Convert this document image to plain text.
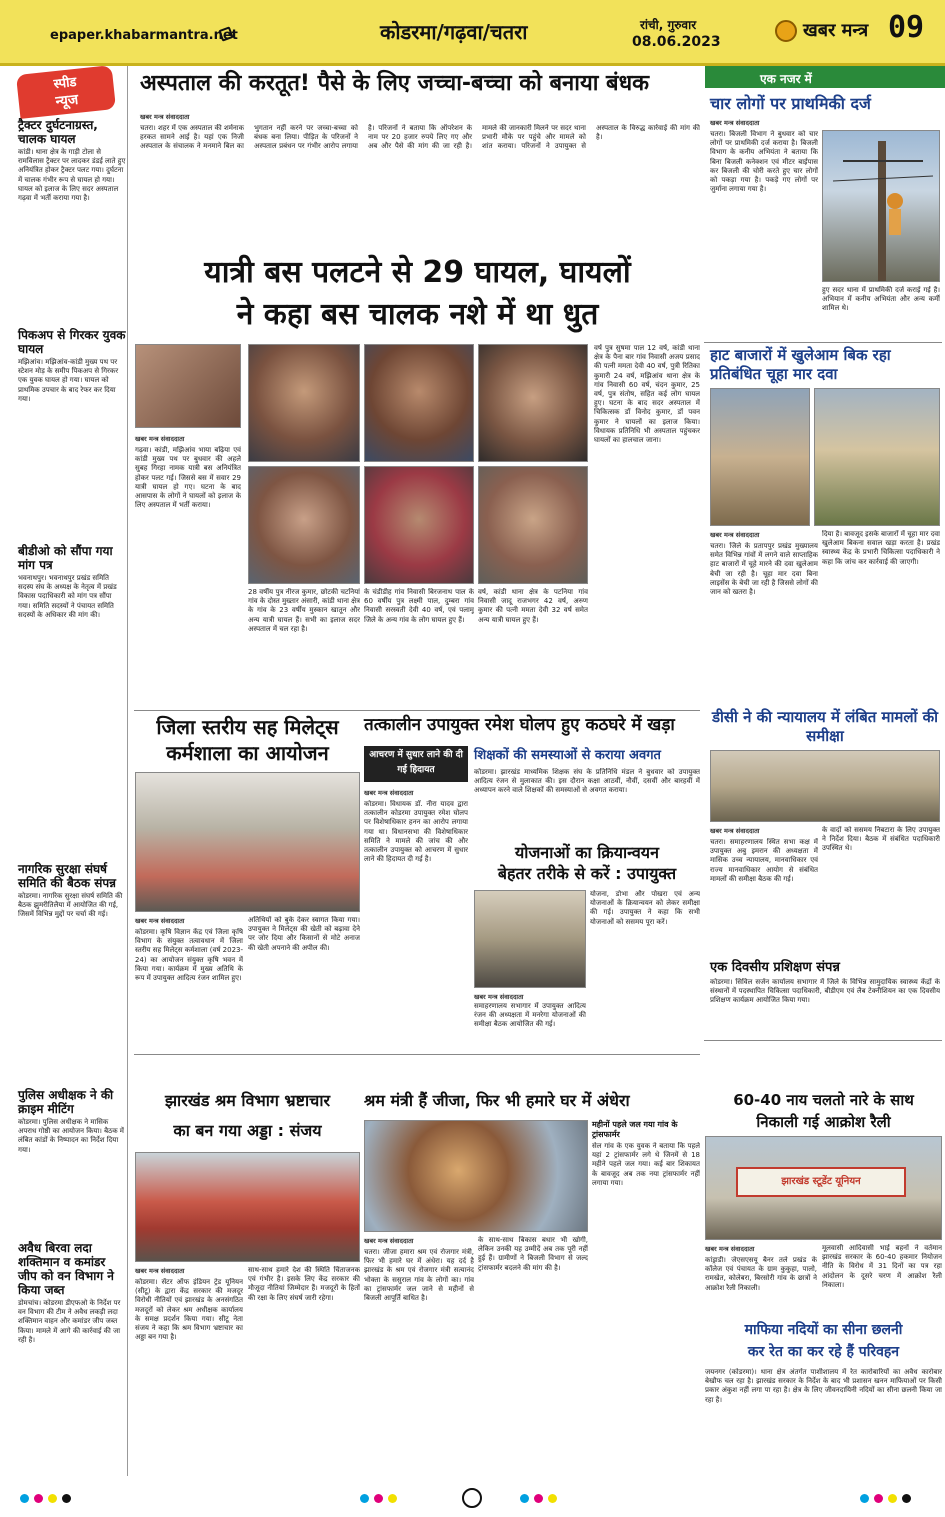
epaper.khabarmantra.net	कोडरमा/गढ़वा/चतरा	रांची, गुरुवार
08.06.2023
खबर मन्त्र 09
स्पीड
न्यूज
ट्रैक्टर दुर्घटनाग्रस्त, चालक घायल
कांडी। थाना क्षेत्र के गाड़ी टोला से रामविलास ट्रैक्टर पर लादकर डंडई लाते हुए अनियंत्रित होकर ट्रैक्टर पलट गया। दुर्घटना में चालक गंभीर रूप से घायल हो गया। घायल को इलाज के लिए सदर अस्पताल गढ़वा में भर्ती कराया गया है।
पिकअप से गिरकर युवक घायल
मझिआंव। मझिआंव-कांडी मुख्य पथ पर स्टेशन मोड़ के समीप पिकअप से गिरकर एक युवक घायल हो गया। घायल को प्राथमिक उपचार के बाद रेफर कर दिया गया।
बीडीओ को सौंपा गया मांग पत्र
भवनाथपुर। भवनाथपुर प्रखंड समिति सदस्य संघ के अध्यक्ष के नेतृत्व में प्रखंड विकास पदाधिकारी को मांग पत्र सौंपा गया। समिति सदस्यों ने पंचायत समिति सदस्यों के अधिकार की मांग की।
नागरिक सुरक्षा संघर्ष समिति की बैठक संपन्न
कोडरमा। नागरिक सुरक्षा संघर्ष समिति की बैठक झुमरीतिलैया में आयोजित की गई, जिसमें विभिन्न मुद्दों पर चर्चा की गई।
पुलिस अधीक्षक ने की क्राइम मीटिंग
कोडरमा। पुलिस अधीक्षक ने मासिक अपराध गोष्ठी का आयोजन किया। बैठक में लंबित कांडों के निष्पादन का निर्देश दिया गया।
अवैध बिरवा लदा शक्तिमान व कमांडर जीप को वन विभाग ने किया जब्त
डोमचांच। कोडरमा डीएफओ के निर्देश पर वन विभाग की टीम ने अवैध लकड़ी लदा शक्तिमान वाहन और कमांडर जीप जब्त किया। मामले में आगे की कार्रवाई की जा रही है।
अस्पताल की करतूत! पैसे के लिए जच्चा-बच्चा को बनाया बंधक
खबर मन्त्र संवाददाता
चतरा। शहर में एक अस्पताल की शर्मनाक हरकत सामने आई है। यहां एक निजी अस्पताल के संचालक ने मनमाने बिल का भुगतान नहीं करने पर जच्चा-बच्चा को बंधक बना लिया। पीड़ित के परिजनों ने अस्पताल प्रबंधन पर गंभीर आरोप लगाया है। परिजनों ने बताया कि ऑपरेशन के नाम पर 20 हजार रुपये लिए गए और अब और पैसे की मांग की जा रही है। मामले की जानकारी मिलने पर सदर थाना प्रभारी मौके पर पहुंचे और मामले को शांत कराया। परिजनों ने उपायुक्त से अस्पताल के विरुद्ध कार्रवाई की मांग की है।
एक नजर में
चार लोगों पर प्राथमिकी दर्ज
खबर मन्त्र संवाददाता
चतरा। बिजली विभाग ने बुधवार को चार लोगों पर प्राथमिकी दर्ज कराया है। बिजली विभाग के कनीय अभियंता ने बताया कि बिना बिजली कनेक्शन एवं मीटर बाईपास कर बिजली की चोरी करते हुए चार लोगों को पकड़ा गया है। पकड़े गए लोगों पर जुर्माना लगाया गया है।
हुए सदर थाना में प्राथमिकी दर्ज कराई गई है। अभियान में कनीय अभियंता और अन्य कर्मी शामिल थे।
यात्री बस पलटने से 29 घायल, घायलों
ने कहा बस चालक नशे में था धुत
खबर मन्त्र संवाददाता
गढ़वा। कांडी, मझिआंव भाया बढ़िया एवं कांडी मुख्य पथ पर बुधवार की अहले सुबह गिरहा नामक यात्री बस अनियंत्रित होकर पलट गई। जिससे बस में सवार 29 यात्री घायल हो गए। घटना के बाद आसपास के लोगों ने घायलों को इलाज के लिए अस्पताल में भर्ती कराया।
28 वर्षीय पुत्र नीरज कुमार, छोटकी चटनियां गांव के दोस्त मुख्तार अंसारी, कांडी थाना क्षेत्र के गांव के 23 वर्षीय मुस्कान खातून और अन्य यात्री घायल हैं। सभी का इलाज सदर अस्पताल में चल रहा है।
के चंडीडीह गांव निवासी बिरजनाथ पाल के 60 वर्षीय पुत्र लक्ष्मी पाल, दुम्बरा गांव निवासी सरस्वती देवी 40 वर्ष, एवं पलामू जिले के अन्य गांव के लोग घायल हुए हैं।
वर्ष, कांडी थाना क्षेत्र के पटनिया गांव निवासी जादू राजभगर 42 वर्ष, अरुण कुमार की पत्नी ममता देवी 32 वर्ष समेत अन्य यात्री घायल हुए हैं।
वर्ष पुत्र सुषमा पाल 12 वर्ष, कांडी थाना क्षेत्र के पैना बार गांव निवासी अजय प्रसाद की पत्नी ममता देवी 40 वर्ष, पुत्री रितिका कुमारी 24 वर्ष, मझिआंव थाना क्षेत्र के गांव निवासी 60 वर्ष, चंदन कुमार, 25 वर्ष, पुत्र संतोष, सहित कई लोग घायल हुए। घटना के बाद सदर अस्पताल में चिकित्सक डॉ विनोद कुमार, डॉ पवन कुमार ने घायलों का इलाज किया। विधायक प्रतिनिधि भी अस्पताल पहुंचकर घायलों का हालचाल जाना।
हाट बाजारों में खुलेआम बिक रहा प्रतिबंधित चूहा मार दवा
खबर मन्त्र संवाददाता
चतरा। जिले के प्रतापपुर प्रखंड मुख्यालय समेत विभिन्न गांवों में लगने वाले साप्ताहिक हाट बाजारों में चूहे मारने की दवा खुलेआम बेची जा रही है। चूहा मार दवा बिना लाइसेंस के बेची जा रही है जिससे लोगों की जान को खतरा है।
दिया है। बावजूद इसके बाजारों में चूहा मार दवा खुलेआम बिकना सवाल खड़ा करता है। प्रखंड स्वास्थ्य केंद्र के प्रभारी चिकित्सा पदाधिकारी ने कहा कि जांच कर कार्रवाई की जाएगी।
डीसी ने की न्यायालय में लंबित मामलों की समीक्षा
खबर मन्त्र संवाददाता
चतरा। समाहरणालय स्थित सभा कक्ष में उपायुक्त अबु इमरान की अध्यक्षता में मासिक उच्च न्यायालय, मानवाधिकार एवं राज्य मानवाधिकार आयोग से संबंधित मामलों की समीक्षा बैठक की गई।
के वादों को ससमय निबटारा के लिए उपायुक्त ने निर्देश दिया। बैठक में संबंधित पदाधिकारी उपस्थित थे।
एक दिवसीय प्रशिक्षण संपन्न
कोडरमा। सिविल सर्जन कार्यालय सभागार में जिले के विभिन्न सामुदायिक स्वास्थ्य केंद्रों के संस्थानों में पदस्थापित चिकित्सा पदाधिकारी, बीडीएम एवं लैब टेक्नीशियन का एक दिवसीय प्रशिक्षण कार्यक्रम आयोजित किया गया।
जिला स्तरीय सह मिलेट्स
कर्मशाला का आयोजन
खबर मन्त्र संवाददाता
कोडरमा। कृषि विज्ञान केंद्र एवं जिला कृषि विभाग के संयुक्त तत्वावधान में जिला स्तरीय सह मिलेट्स कर्मशाला (वर्ष 2023-24) का आयोजन संयुक्त कृषि भवन में किया गया। कार्यक्रम में मुख्य अतिथि के रूप में उपायुक्त आदित्य रंजन शामिल हुए।
अतिथियों को बुके देकर स्वागत किया गया। उपायुक्त ने मिलेट्स की खेती को बढ़ावा देने पर जोर दिया और किसानों से मोटे अनाज की खेती अपनाने की अपील की।
तत्कालीन उपायुक्त रमेश घोलप हुए कठघरे में खड़ा
आचरण में सुधार लाने की दी गई हिदायत
खबर मन्त्र संवाददाता
कोडरमा। विधायक डॉ. नीरा यादव द्वारा तत्कालीन कोडरमा उपायुक्त रमेश घोलप पर विशेषाधिकार हनन का आरोप लगाया गया था। विधानसभा की विशेषाधिकार समिति ने मामले की जांच की और तत्कालीन उपायुक्त को आचरण में सुधार लाने की हिदायत दी गई है।
शिक्षकों की समस्याओं से कराया अवगत
कोडरमा। झारखंड माध्यमिक शिक्षक संघ के प्रतिनिधि मंडल ने बुधवार को उपायुक्त आदित्य रंजन से मुलाकात की। इस दौरान कक्षा आठवीं, नौवीं, दसवीं और बारहवीं में अध्यापन करने वाले शिक्षकों की समस्याओं से अवगत कराया।
योजनाओं का क्रियान्वयन
बेहतर तरीके से करें : उपायुक्त
खबर मन्त्र संवाददाता
समाहरणालय सभागार में उपायुक्त आदित्य रंजन की अध्यक्षता में मनरेगा योजनाओं की समीक्षा बैठक आयोजित की गई।
योजना, डोभा और पोखरा एवं अन्य योजनाओं के क्रियान्वयन को लेकर समीक्षा की गई। उपायुक्त ने कहा कि सभी योजनाओं को ससमय पूरा करें।
झारखंड श्रम विभाग भ्रष्टाचार
का बन गया अड्डा : संजय
खबर मन्त्र संवाददाता
कोडरमा। सेंटर ऑफ इंडियन ट्रेड यूनियन (सीटू) के द्वारा केंद्र सरकार की मजदूर विरोधी नीतियों एवं झारखंड के अनसंगठित मजदूरों को लेकर श्रम अधीक्षक कार्यालय के समक्ष प्रदर्शन किया गया। सीटू नेता संजय ने कहा कि श्रम विभाग भ्रष्टाचार का अड्डा बन गया है।
साथ-साथ हमारे देश की स्थिति चिंताजनक एवं गंभीर है। इसके लिए केंद्र सरकार की मौजूदा नीतियां जिम्मेदार हैं। मजदूरों के हितों की रक्षा के लिए संघर्ष जारी रहेगा।
श्रम मंत्री हैं जीजा, फिर भी हमारे घर में अंधेरा
महीनों पहले जल गया गांव के ट्रांसफार्मर
सेल गांव के एक युवक ने बताया कि पहले यहां 2 ट्रांसफार्मर लगे थे जिनमें से 18 महीने पहले जल गया। कई बार शिकायत के बावजूद अब तक नया ट्रांसफार्मर नहीं लगाया गया।
खबर मन्त्र संवाददाता
चतरा। जीजा हमारा श्रम एवं रोजगार मंत्री, फिर भी हमारे घर में अंधेरा। यह दर्द है झारखंड के श्रम एवं रोजगार मंत्री सत्यानंद भोक्ता के ससुराल गांव के लोगों का। गांव का ट्रांसफार्मर जल जाने से महीनों से बिजली आपूर्ति बाधित है।
के साथ-साथ बिकास बधार भी खोगी, लेकिन उनकी यह उम्मीदें अब तक पूरी नहीं हुई हैं। ग्रामीणों ने बिजली विभाग से जल्द ट्रांसफार्मर बदलने की मांग की है।
60-40 नाय चलतो नारे के साथ
निकाली गई आक्रोश रैली
झारखंड स्टूडेंट यूनियन
खबर मन्त्र संवाददाता
कांड्राडी। जेएसएसयू बैनर तले प्रखंड के कॉलेज एवं पंचायत के ग्राम कुकुहा, पालो, रामखेत, कोलेबरा, बिरसोरी गांव के छात्रों ने आक्रोश रैली निकाली।
मूलवासी आदिवासी भाई बहनों ने वर्तमान झारखंड सरकार के 60-40 हकमार नियोजन नीति के विरोध में 31 दिनों का पत्र रहा आंदोलन के दूसरे चरण में आक्रोश रैली निकाला।
माफिया नदियों का सीना छलनी
कर रेत का कर रहे हैं परिवहन
जयनगर (कोडरमा)। थाना क्षेत्र अंतर्गत पाशीशालय में रेत कारोबारियों का अवैध कारोबार बेखौफ चल रहा है। झारखंड सरकार के निर्देश के बाद भी प्रशासन खनन माफियाओं पर किसी प्रकार अंकुश नहीं लगा पा रहा है। क्षेत्र के लिए जीवनदायिनी नदियों का सीना छलनी किया जा रहा है।
